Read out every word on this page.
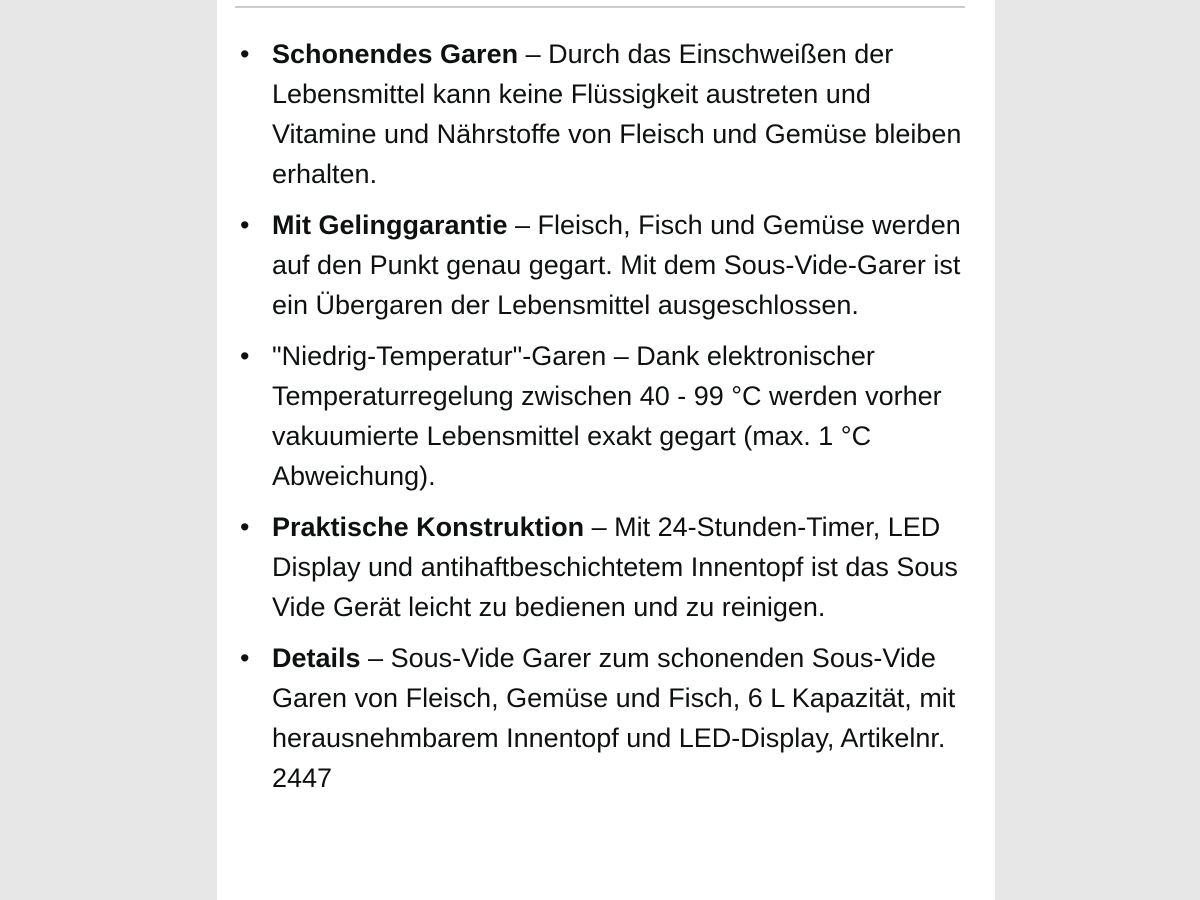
• Schonendes Garen – Durch das Einschweißen der Lebensmittel kann keine Flüssigkeit austreten und Vitamine und Nährstoffe von Fleisch und Gemüse bleiben erhalten.
• Mit Gelinggarantie – Fleisch, Fisch und Gemüse werden auf den Punkt genau gegart. Mit dem Sous-Vide-Garer ist ein Übergaren der Lebensmittel ausgeschlossen.
• "Niedrig-Temperatur"-Garen – Dank elektronischer Temperaturregelung zwischen 40 - 99 °C werden vorher vakuumierte Lebensmittel exakt gegart (max. 1 °C Abweichung).
• Praktische Konstruktion – Mit 24-Stunden-Timer, LED Display und antihaftbeschichtetem Innentopf ist das Sous Vide Gerät leicht zu bedienen und zu reinigen.
• Details – Sous-Vide Garer zum schonenden Sous-Vide Garen von Fleisch, Gemüse und Fisch, 6 L Kapazität, mit herausnehmbarem Innentopf und LED-Display, Artikelnr. 2447
